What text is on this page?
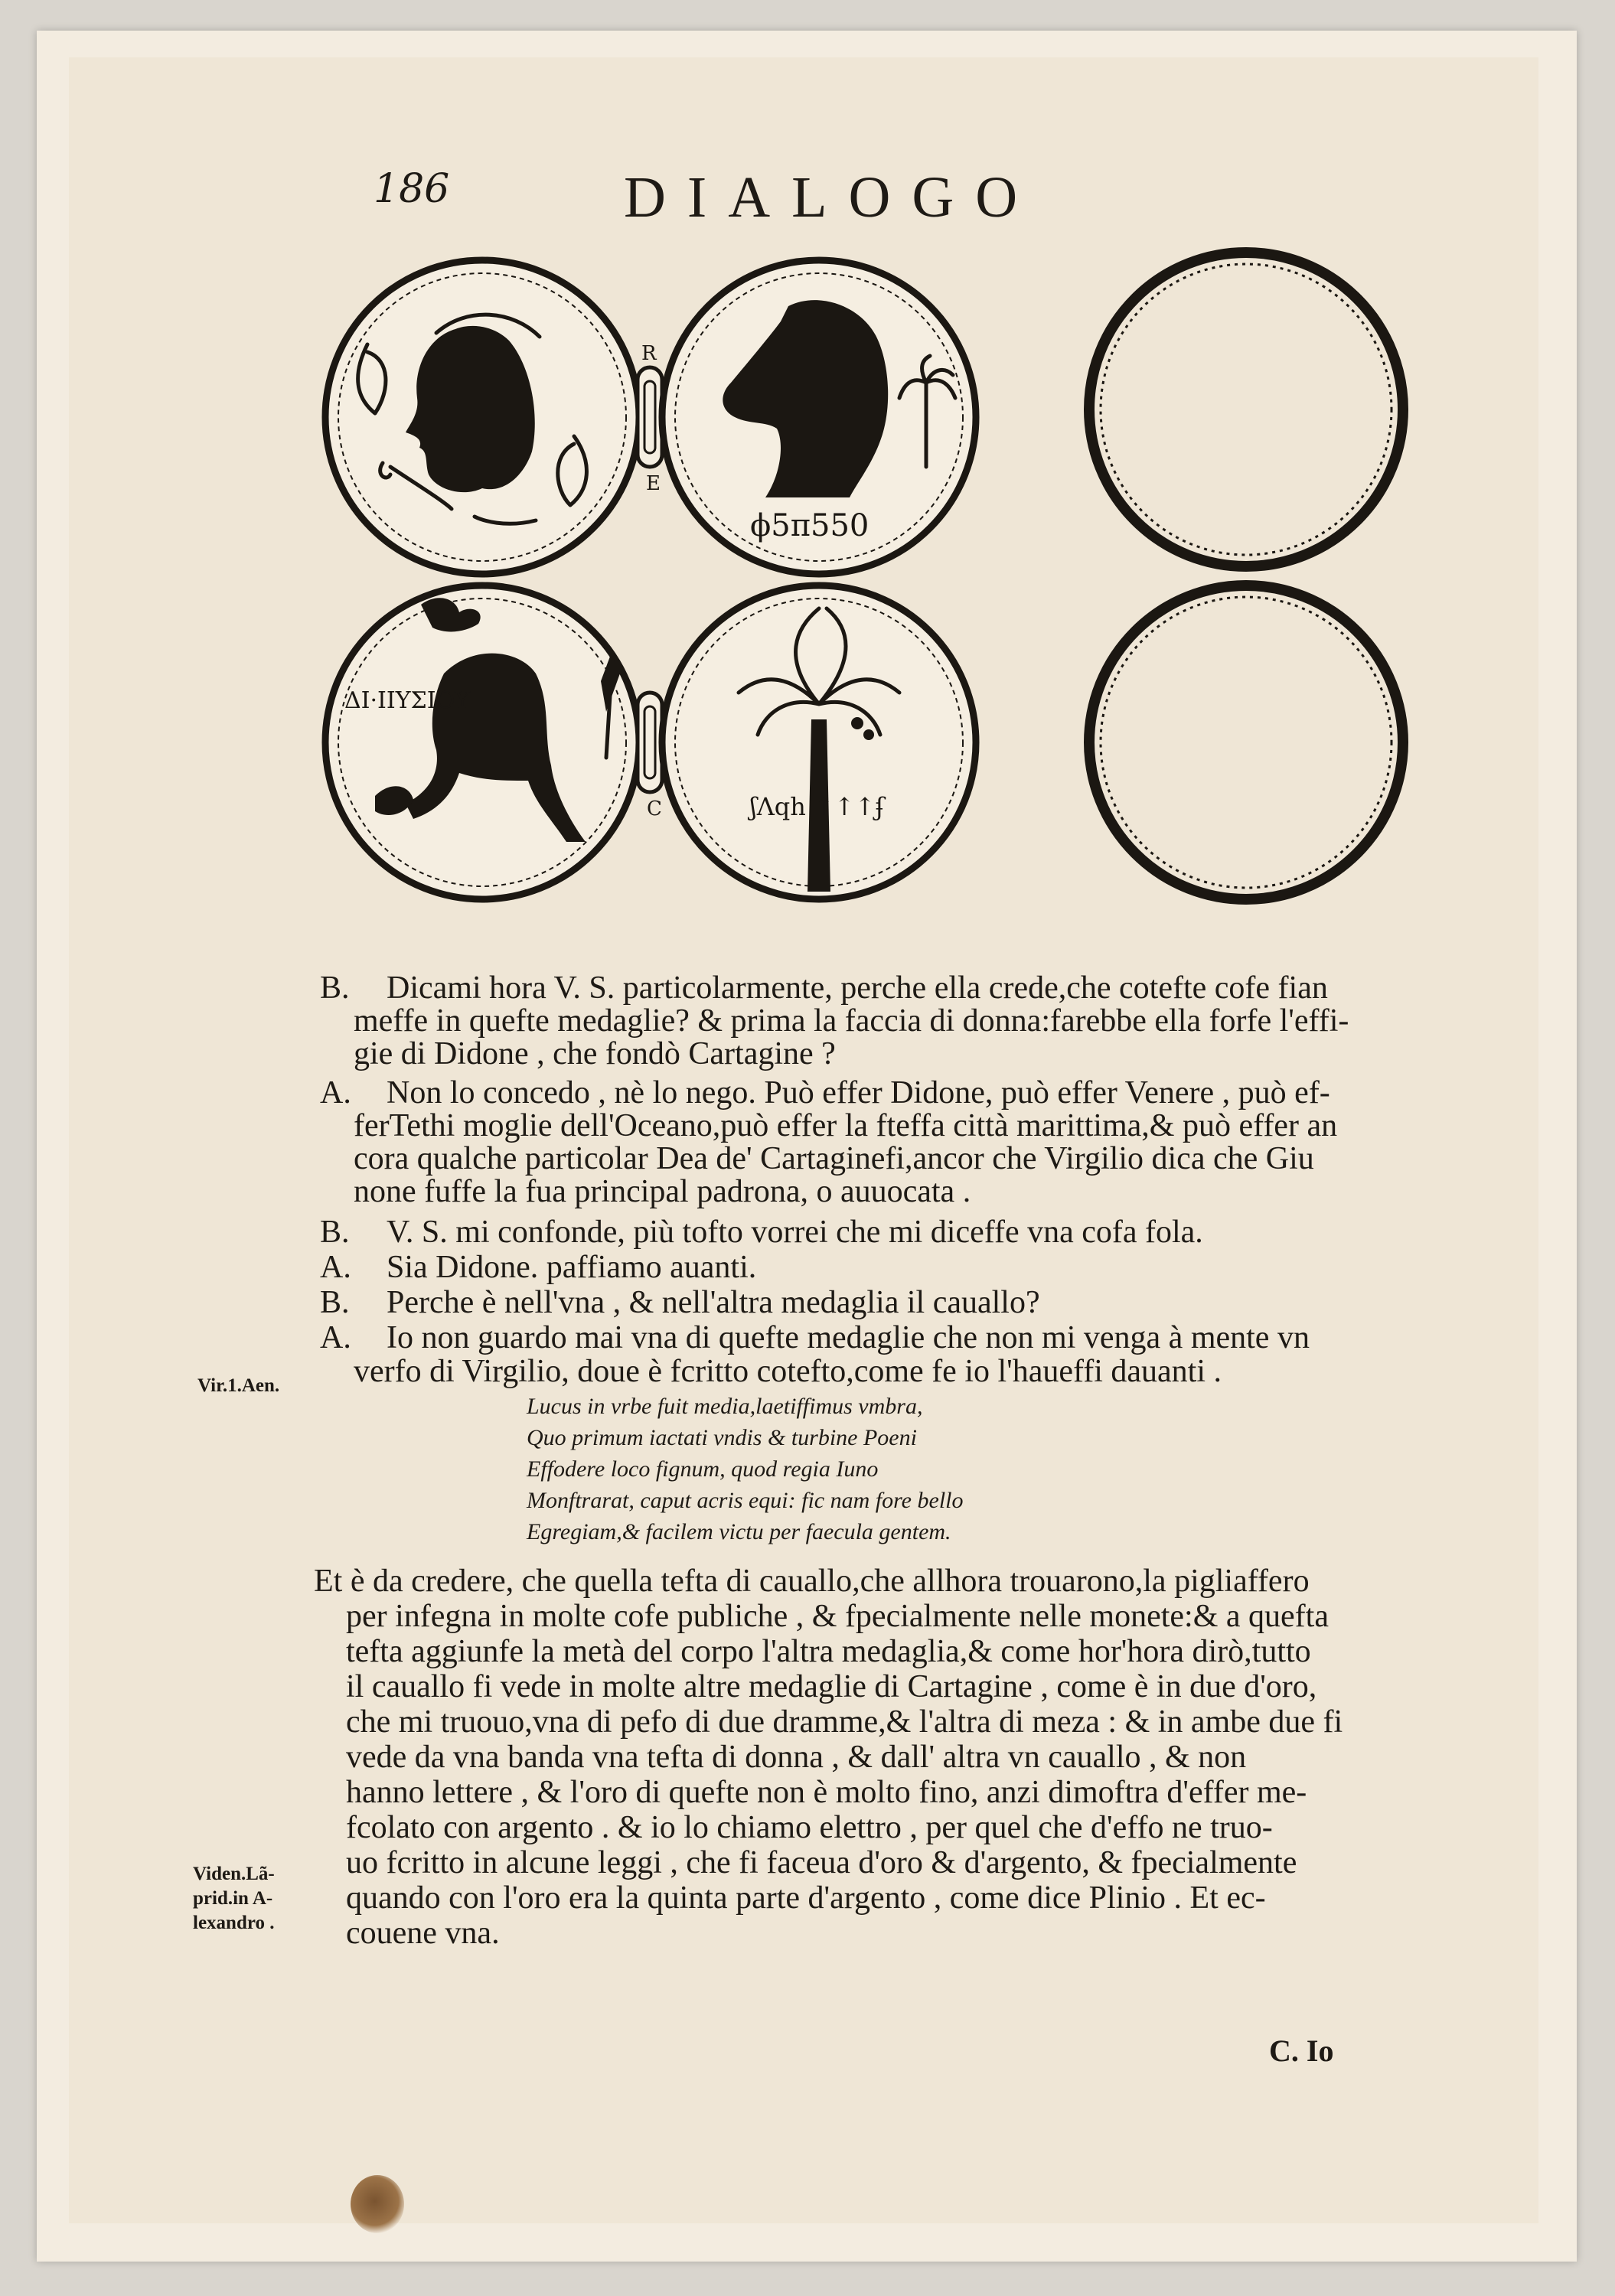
186	DIALOGO
R
E
ϕ5ᴨ550
ΔΙ·ΙΙΥΣΙΟΥ
C	ʃΛqh ↑↑↑ʄ
B. Dicami hora V. S. particolarmente, perche ella crede,che cotefte cofe fian
meffe in quefte medaglie? & prima la faccia di donna:farebbe ella forfe l'effi-
gie di Didone , che fondò Cartagine ?
A. Non lo concedo , nè lo nego. Può effer Didone, può effer Venere , può ef-
ferTethi moglie dell'Oceano,può effer la fteffa città marittima,& può effer an
cora qualche particolar Dea de' Cartaginefi,ancor che Virgilio dica che Giu
none fuffe la fua principal padrona, o auuocata .
B. V. S. mi confonde, più tofto vorrei che mi diceffe vna cofa fola.
A. Sia Didone. paffiamo auanti.
B. Perche è nell'vna , & nell'altra medaglia il cauallo?
A. Io non guardo mai vna di quefte medaglie che non mi venga à mente vn
verfo di Virgilio, doue è fcritto cotefto,come fe io l'haueffi dauanti .
Vir.1.Aen.
Lucus in vrbe fuit media,laetiffimus vmbra,
Quo primum iactati vndis & turbine Poeni
Effodere loco fignum, quod regia Iuno
Monftrarat, caput acris equi: fic nam fore bello
Egregiam,& facilem victu per faecula gentem.
Et è da credere, che quella tefta di cauallo,che allhora trouarono,la pigliaffero
per infegna in molte cofe publiche , & fpecialmente nelle monete:& a quefta
tefta aggiunfe la metà del corpo l'altra medaglia,& come hor'hora dirò,tutto
il cauallo fi vede in molte altre medaglie di Cartagine , come è in due d'oro,
che mi truouo,vna di pefo di due dramme,& l'altra di meza : & in ambe due fi
vede da vna banda vna tefta di donna , & dall' altra vn cauallo , & non
hanno lettere , & l'oro di quefte non è molto fino, anzi dimoftra d'effer me-
fcolato con argento . & io lo chiamo elettro , per quel che d'effo ne truo-
uo fcritto in alcune leggi , che fi faceua d'oro & d'argento, & fpecialmente
quando con l'oro era la quinta parte d'argento , come dice Plinio . Et ec-
couene vna.
Viden.Lã-
prid.in A-
lexandro .
C. Io
